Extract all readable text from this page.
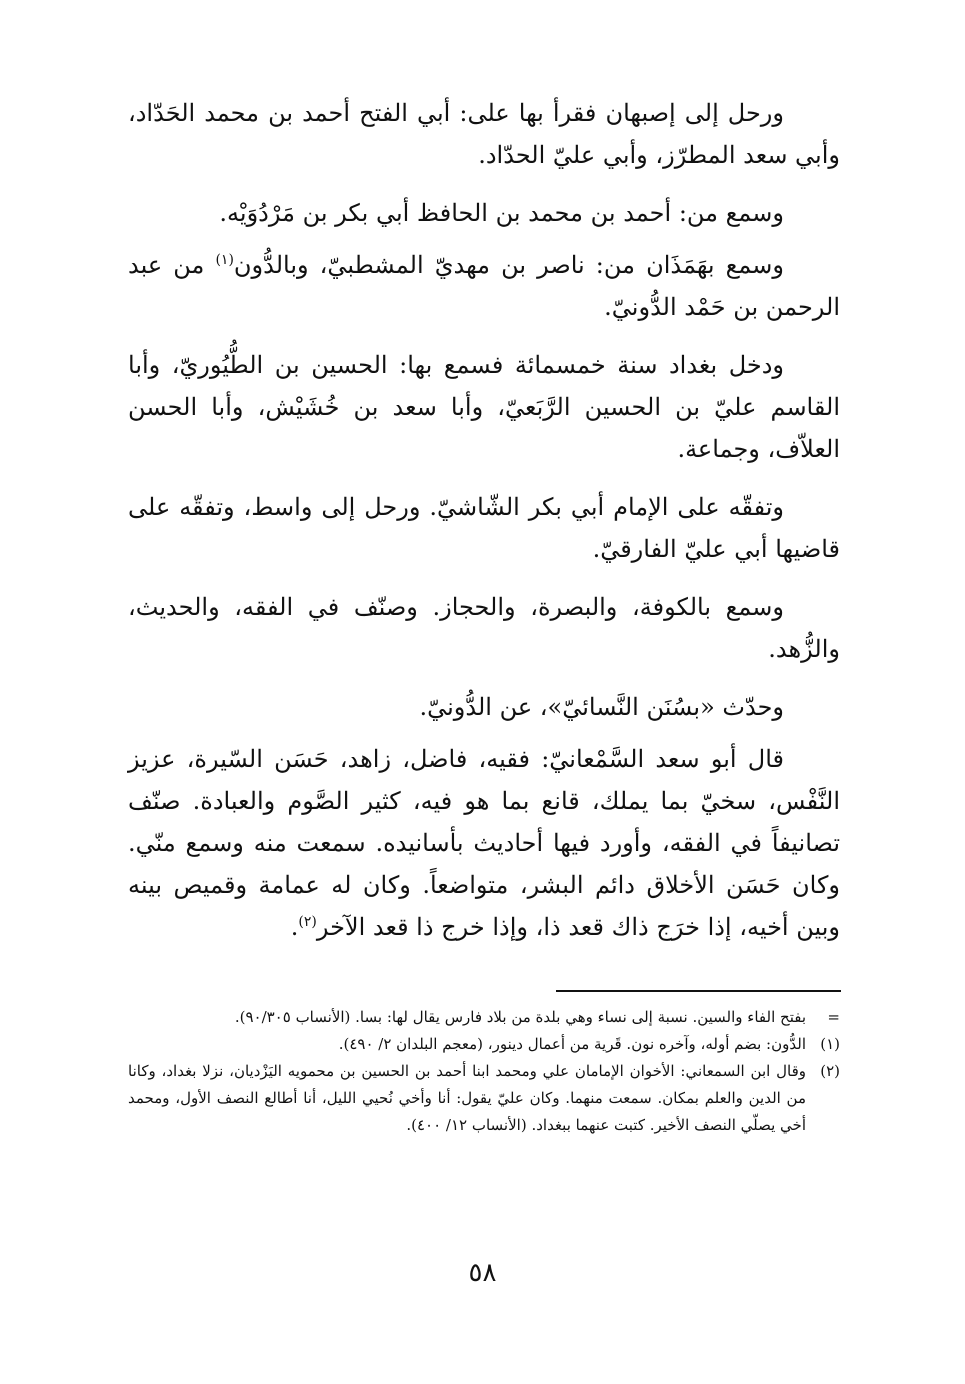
ورحل إلى إصبهان فقرأ بها على: أبي الفتح أحمد بن محمد الحَدّاد، وأبي سعد المطرّز، وأبي عليّ الحدّاد.

وسمع من: أحمد بن محمد بن الحافظ أبي بكر بن مَرْدُوَيْه.

وسمع بهَمَذَان من: ناصر بن مهديّ المشطبيّ، وبالدُّون$^{(١)}$ من عبد الرحمن بن حَمْد الدُّونيّ.

ودخل بغداد سنة خمسمائة فسمع بها: الحسين بن الطُّيُوريّ، وأبا القاسم عليّ بن الحسين الرَّبَعيّ، وأبا سعد بن خُشَيْش، وأبا الحسن العلاّف، وجماعة.

وتفقّه على الإمام أبي بكر الشّاشيّ. ورحل إلى واسط، وتفقّه على قاضيها أبي عليّ الفارقيّ.

وسمع بالكوفة، والبصرة، والحجاز. وصنّف في الفقه، والحديث، والزُّهد.

وحدّث «بسُنَن النَّسائيّ»، عن الدُّونيّ.

قال أبو سعد السَّمْعانيّ: فقيه، فاضل، زاهد، حَسَن السّيرة، عزيز النَّفْس، سخيّ بما يملك، قانع بما هو فيه، كثير الصَّوم والعبادة. صنّف تصانيفاً في الفقه، وأورد فيها أحاديث بأسانيده. سمعت منه وسمع منّي. وكان حَسَن الأخلاق دائم البشر، متواضعاً. وكان له عمامة وقميص بينه وبين أخيه، إذا خرَج ذاك قعد ذا، وإذا خرج ذا قعد الآخر$^{(٢)}$.

=
بفتح الفاء والسين. نسبة إلى نساء وهي بلدة من بلاد فارس يقال لها: بسا. (الأنساب ٩٠/٣٠٥).
(١)
الدُّون: بضم أوله، وآخره نون. قَرية من أعمال دينور، (معجم البلدان ٢/ ٤٩٠).
(٢)
وقال ابن السمعاني: الأخوان الإمامان علي ومحمد ابنا أحمد بن الحسين بن محمويه اليَزْديان، نزلا بغداد، وكانا من الدين والعلم بمكان. سمعت منهما. وكان عليّ يقول: أنا وأخي نُحيي الليل، أنا أطالع النصف الأول، ومحمد أخي يصلّي النصف الأخير. كتبت عنهما ببغداد. (الأنساب ١٢/ ٤٠٠).
٥٨
